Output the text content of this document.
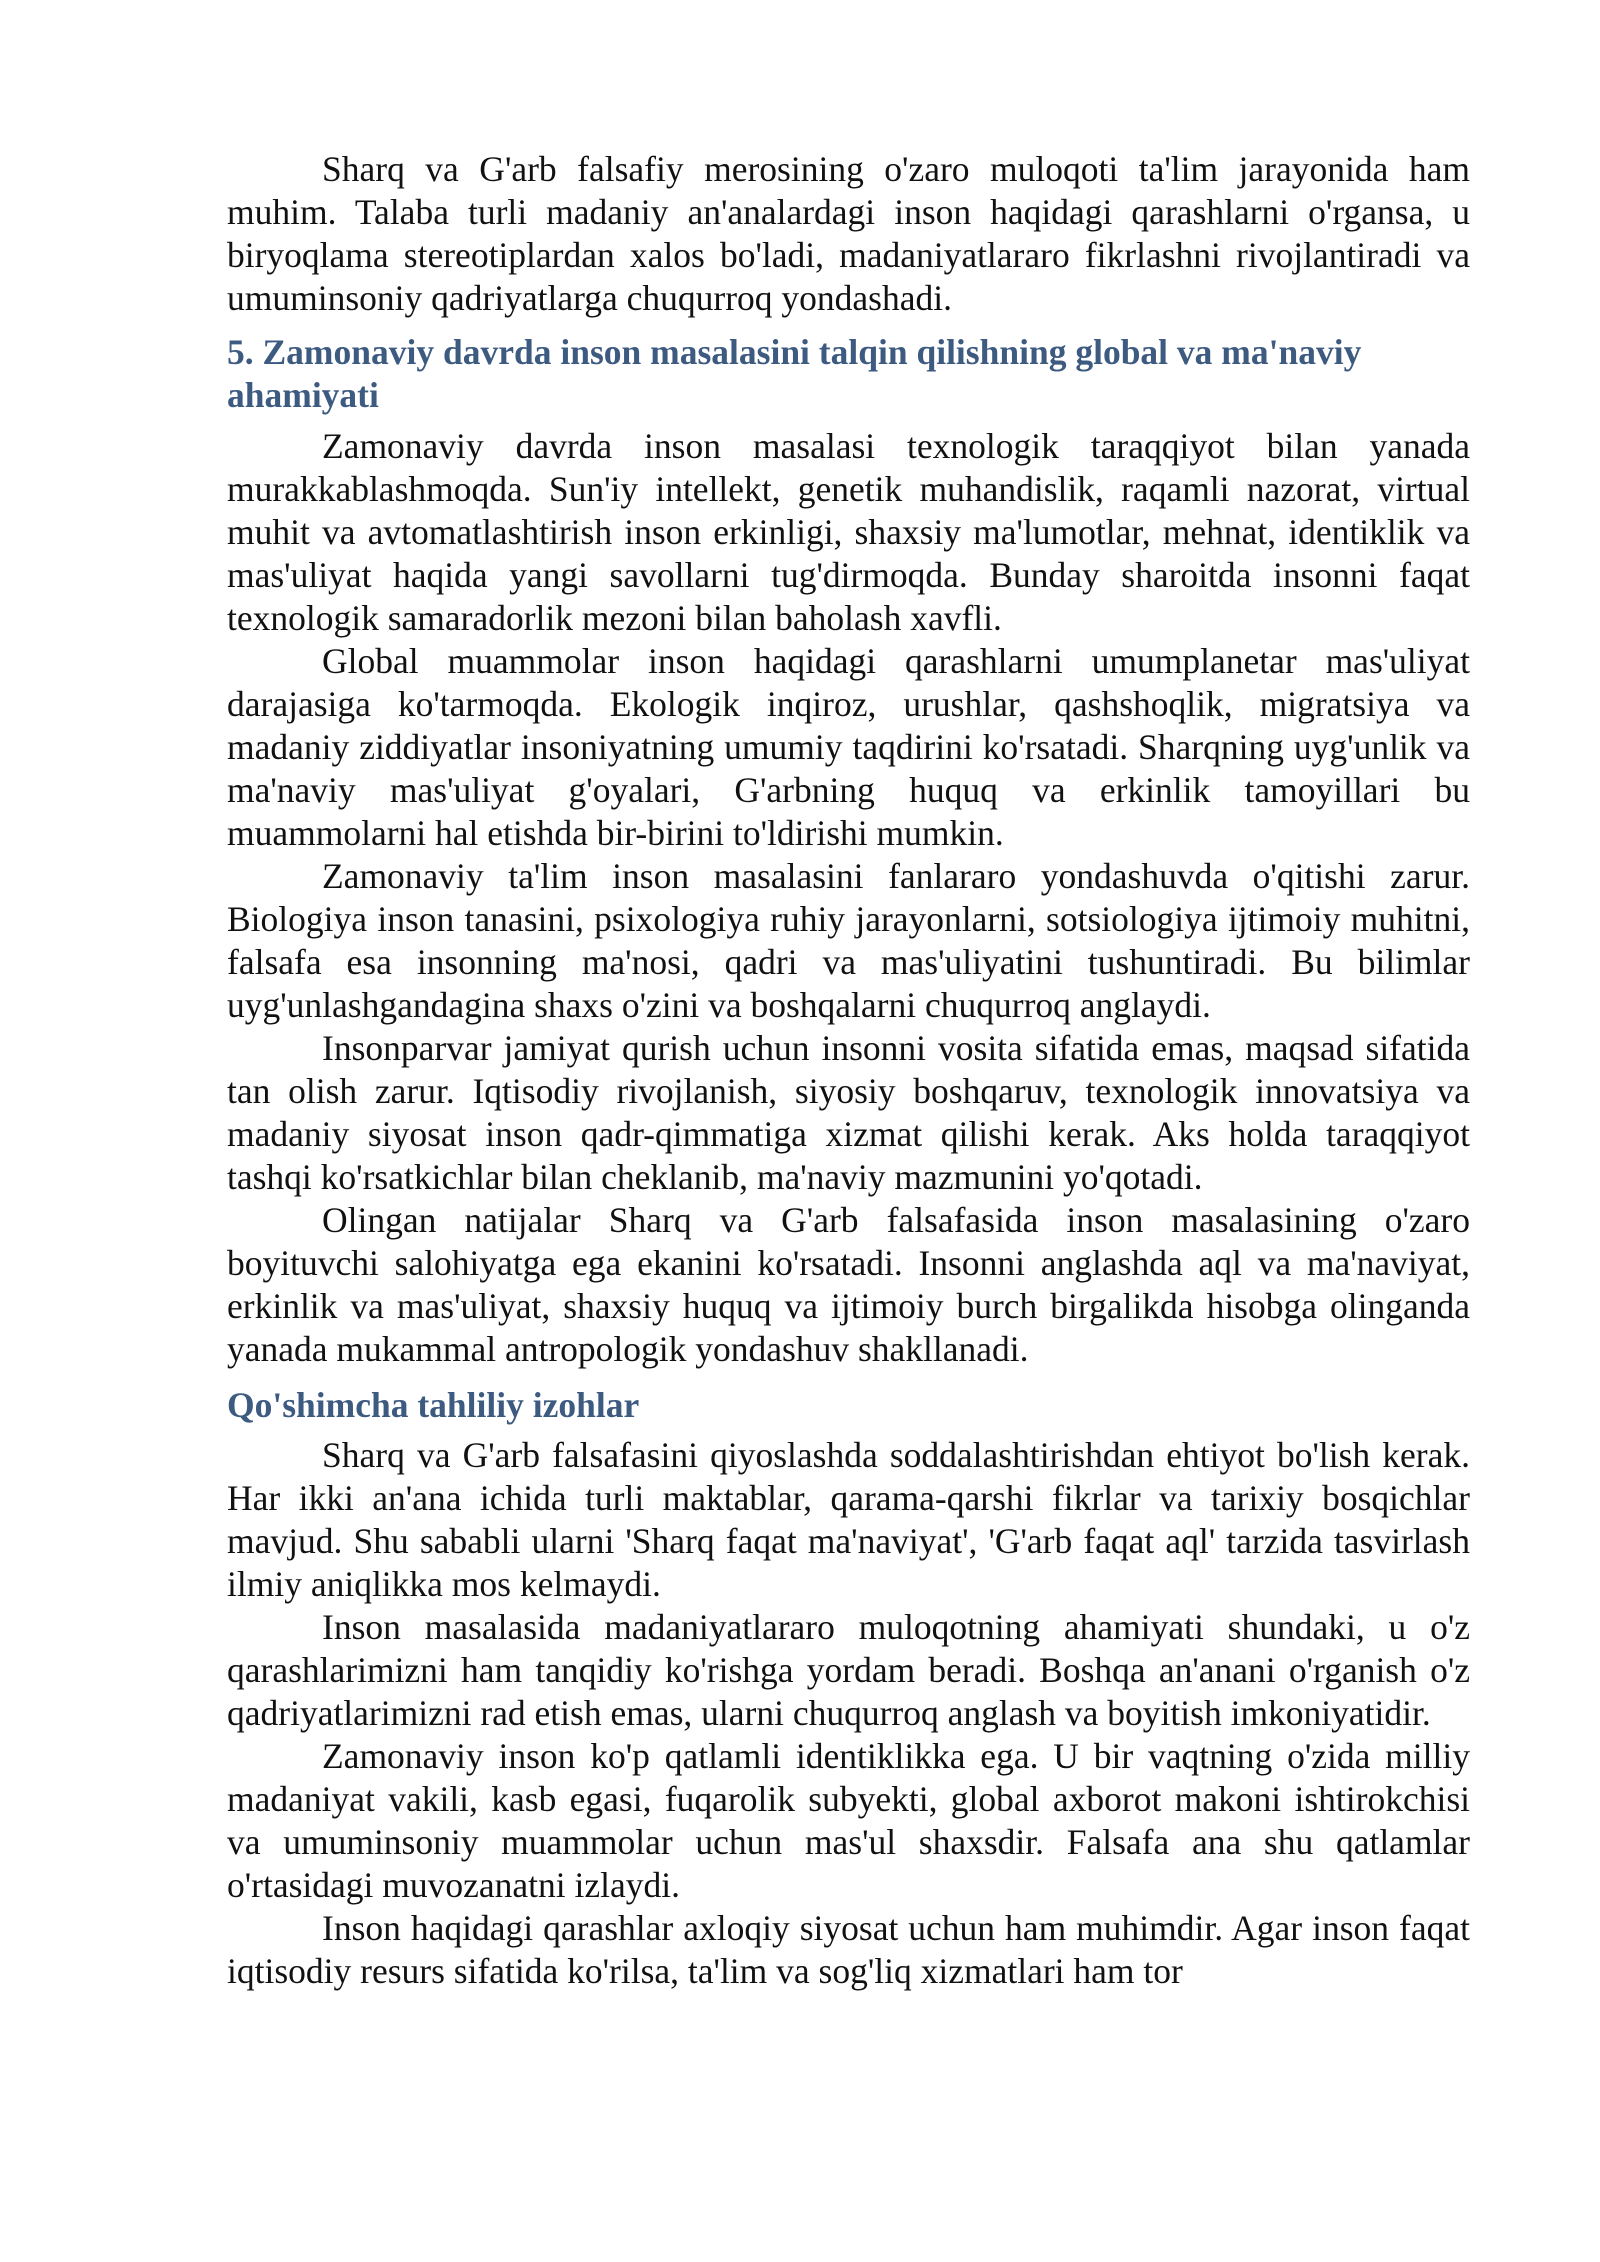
Sharq va G'arb falsafiy merosining o'zaro muloqoti ta'lim jarayonida ham muhim. Talaba turli madaniy an'analardagi inson haqidagi qarashlarni o'rgansa, u biryoqlama stereotiplardan xalos bo'ladi, madaniyatlararo fikrlashni rivojlantiradi va umuminsoniy qadriyatlarga chuqurroq yondashadi.

5. Zamonaviy davrda inson masalasini talqin qilishning global va ma'naviy ahamiyati

Zamonaviy davrda inson masalasi texnologik taraqqiyot bilan yanada murakkablashmoqda. Sun'iy intellekt, genetik muhandislik, raqamli nazorat, virtual muhit va avtomatlashtirish inson erkinligi, shaxsiy ma'lumotlar, mehnat, identiklik va mas'uliyat haqida yangi savollarni tug'dirmoqda. Bunday sharoitda insonni faqat texnologik samaradorlik mezoni bilan baholash xavfli.

Global muammolar inson haqidagi qarashlarni umumplanetar mas'uliyat darajasiga ko'tarmoqda. Ekologik inqiroz, urushlar, qashshoqlik, migratsiya va madaniy ziddiyatlar insoniyatning umumiy taqdirini ko'rsatadi. Sharqning uyg'unlik va ma'naviy mas'uliyat g'oyalari, G'arbning huquq va erkinlik tamoyillari bu muammolarni hal etishda bir-birini to'ldirishi mumkin.

Zamonaviy ta'lim inson masalasini fanlararo yondashuvda o'qitishi zarur. Biologiya inson tanasini, psixologiya ruhiy jarayonlarni, sotsiologiya ijtimoiy muhitni, falsafa esa insonning ma'nosi, qadri va mas'uliyatini tushuntiradi. Bu bilimlar uyg'unlashgandagina shaxs o'zini va boshqalarni chuqurroq anglaydi.

Insonparvar jamiyat qurish uchun insonni vosita sifatida emas, maqsad sifatida tan olish zarur. Iqtisodiy rivojlanish, siyosiy boshqaruv, texnologik innovatsiya va madaniy siyosat inson qadr-qimmatiga xizmat qilishi kerak. Aks holda taraqqiyot tashqi ko'rsatkichlar bilan cheklanib, ma'naviy mazmunini yo'qotadi.

Olingan natijalar Sharq va G'arb falsafasida inson masalasining o'zaro boyituvchi salohiyatga ega ekanini ko'rsatadi. Insonni anglashda aql va ma'naviyat, erkinlik va mas'uliyat, shaxsiy huquq va ijtimoiy burch birgalikda hisobga olinganda yanada mukammal antropologik yondashuv shakllanadi.

Qo'shimcha tahliliy izohlar

Sharq va G'arb falsafasini qiyoslashda soddalashtirishdan ehtiyot bo'lish kerak. Har ikki an'ana ichida turli maktablar, qarama-qarshi fikrlar va tarixiy bosqichlar mavjud. Shu sababli ularni 'Sharq faqat ma'naviyat', 'G'arb faqat aql' tarzida tasvirlash ilmiy aniqlikka mos kelmaydi.

Inson masalasida madaniyatlararo muloqotning ahamiyati shundaki, u o'z qarashlarimizni ham tanqidiy ko'rishga yordam beradi. Boshqa an'anani o'rganish o'z qadriyatlarimizni rad etish emas, ularni chuqurroq anglash va boyitish imkoniyatidir.

Zamonaviy inson ko'p qatlamli identiklikka ega. U bir vaqtning o'zida milliy madaniyat vakili, kasb egasi, fuqarolik subyekti, global axborot makoni ishtirokchisi va umuminsoniy muammolar uchun mas'ul shaxsdir. Falsafa ana shu qatlamlar o'rtasidagi muvozanatni izlaydi.

Inson haqidagi qarashlar axloqiy siyosat uchun ham muhimdir. Agar inson faqat iqtisodiy resurs sifatida ko'rilsa, ta'lim va sog'liq xizmatlari ham tor
